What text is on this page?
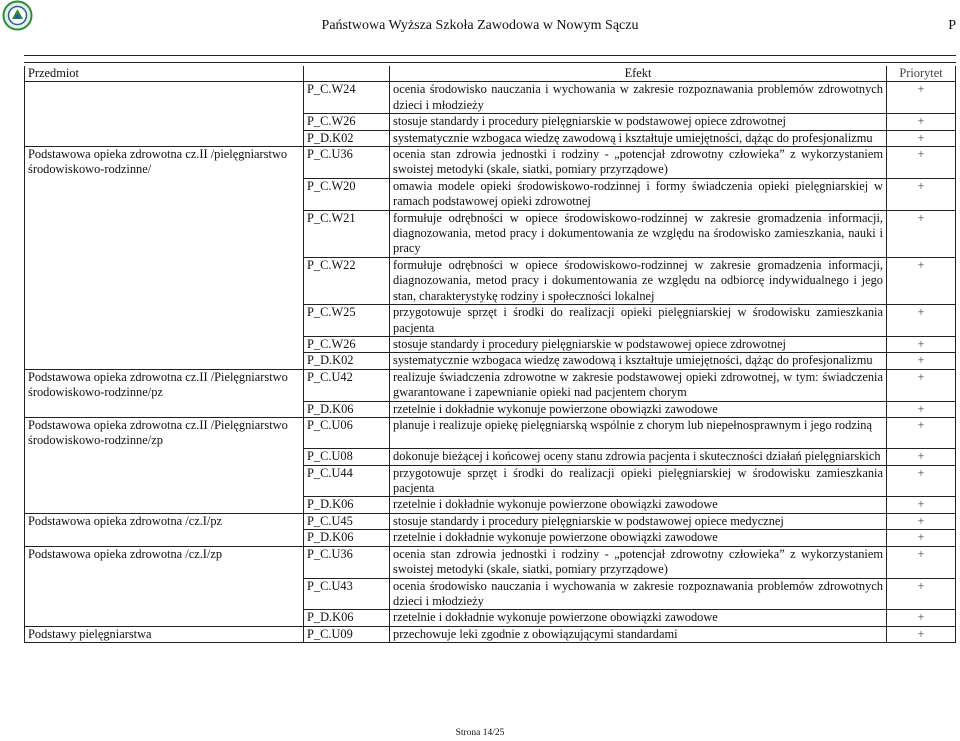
Państwowa Wyższa Szkoła Zawodowa w Nowym Sączu	P
Przedmiot		Efekt	Priorytet
	P_C.W24	ocenia środowisko nauczania i wychowania w zakresie rozpoznawania problemów zdrowotnych dzieci i młodzieży	+
	P_C.W26	stosuje standardy i procedury pielęgniarskie w podstawowej opiece zdrowotnej	+
	P_D.K02	systematycznie wzbogaca wiedzę zawodową i kształtuje umiejętności, dążąc do profesjonalizmu	+
Podstawowa opieka zdrowotna cz.II /pielęgniarstwo środowiskowo-rodzinne/	P_C.U36	ocenia stan zdrowia jednostki i rodziny - „potencjał zdrowotny człowieka” z wykorzystaniem swoistej metodyki (skale, siatki, pomiary przyrządowe)	+
	P_C.W20	omawia modele opieki środowiskowo-rodzinnej i formy świadczenia opieki pielęgniarskiej w ramach podstawowej opieki zdrowotnej	+
	P_C.W21	formułuje odrębności w opiece środowiskowo-rodzinnej w zakresie gromadzenia informacji, diagnozowania, metod pracy i dokumentowania ze względu na środowisko zamieszkania, nauki i pracy	+
	P_C.W22	formułuje odrębności w opiece środowiskowo-rodzinnej w zakresie gromadzenia informacji, diagnozowania, metod pracy i dokumentowania ze względu na odbiorcę indywidualnego i jego stan, charakterystykę rodziny i społeczności lokalnej	+
	P_C.W25	przygotowuje sprzęt i środki do realizacji opieki pielęgniarskiej w środowisku zamieszkania pacjenta	+
	P_C.W26	stosuje standardy i procedury pielęgniarskie w podstawowej opiece zdrowotnej	+
	P_D.K02	systematycznie wzbogaca wiedzę zawodową i kształtuje umiejętności, dążąc do profesjonalizmu	+
Podstawowa opieka zdrowotna cz.II /Pielęgniarstwo środowiskowo-rodzinne/pz	P_C.U42	realizuje świadczenia zdrowotne w zakresie podstawowej opieki zdrowotnej, w tym: świadczenia gwarantowane i zapewnianie opieki nad pacjentem chorym	+
	P_D.K06	rzetelnie i dokładnie wykonuje powierzone obowiązki zawodowe	+
Podstawowa opieka zdrowotna cz.II /Pielęgniarstwo środowiskowo-rodzinne/zp	P_C.U06	planuje i realizuje opiekę pielęgniarską wspólnie z chorym lub niepełnosprawnym i jego rodziną	+
	P_C.U08	dokonuje bieżącej i końcowej oceny stanu zdrowia pacjenta i skuteczności działań pielęgniarskich	+
	P_C.U44	przygotowuje sprzęt i środki do realizacji opieki pielęgniarskiej w środowisku zamieszkania pacjenta	+
	P_D.K06	rzetelnie i dokładnie wykonuje powierzone obowiązki zawodowe	+
Podstawowa opieka zdrowotna /cz.I/pz	P_C.U45	stosuje standardy i procedury pielęgniarskie w podstawowej opiece medycznej	+
	P_D.K06	rzetelnie i dokładnie wykonuje powierzone obowiązki zawodowe	+
Podstawowa opieka zdrowotna /cz.I/zp	P_C.U36	ocenia stan zdrowia jednostki i rodziny - „potencjał zdrowotny człowieka” z wykorzystaniem swoistej metodyki (skale, siatki, pomiary przyrządowe)	+
	P_C.U43	ocenia środowisko nauczania i wychowania w zakresie rozpoznawania problemów zdrowotnych dzieci i młodzieży	+
	P_D.K06	rzetelnie i dokładnie wykonuje powierzone obowiązki zawodowe	+
Podstawy pielęgniarstwa	P_C.U09	przechowuje leki zgodnie z obowiązującymi standardami	+
Strona 14/25
